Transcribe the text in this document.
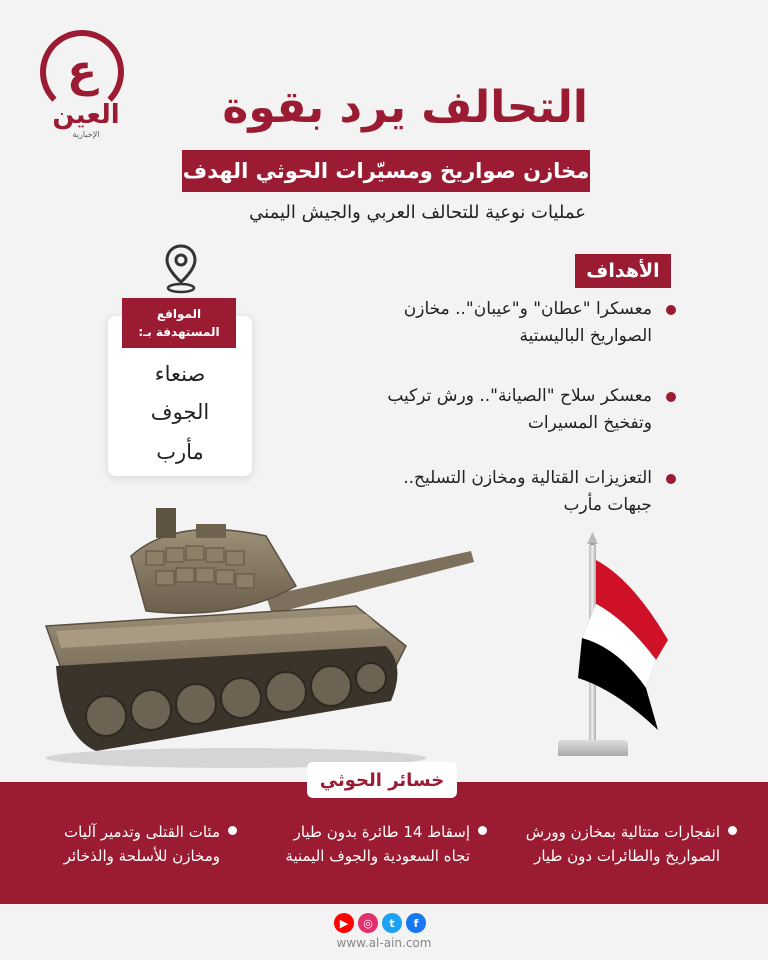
ع
العين
الإخبارية
التحالف يرد بقوة
مخازن صواريخ ومسيّرات الحوثي الهدف
عمليات نوعية للتحالف العربي والجيش اليمني
المواقع
المستهدفة بـ:
صنعاء
الجوف
مأرب
الأهداف
معسكرا "عطان" و"عيبان".. مخازن الصواريخ الباليستية
معسكر سلاح "الصيانة".. ورش تركيب وتفخيخ المسيرات
التعزيزات القتالية ومخازن التسليح.. جبهات مأرب
خسائر الحوثي
انفجارات متتالية بمخازن وورش الصواريخ والطائرات دون طيار
إسقاط 14 طائرة بدون طيار تجاه السعودية والجوف اليمنية
مئات القتلى وتدمير آليات ومخازن للأسلحة والذخائر
f
t
◎
▶
www.al-ain.com
